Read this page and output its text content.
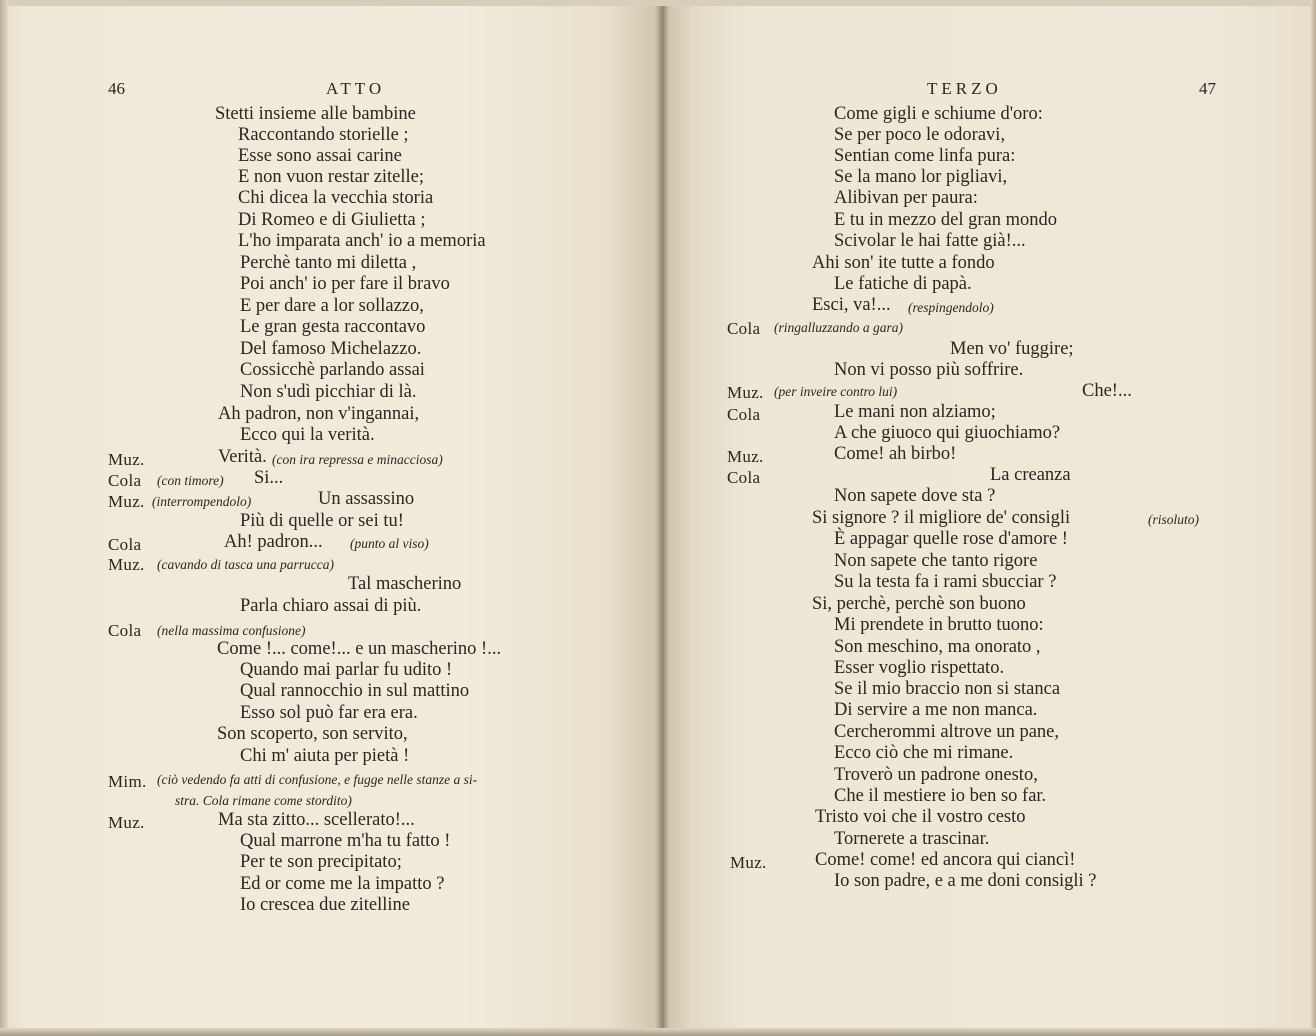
46	ATTO
Stetti insieme alle bambine
Raccontando storielle ;
Esse sono assai carine
E non vuon restar zitelle;
Chi dicea la vecchia storia
Di Romeo e di Giulietta ;
L'ho imparata anch' io a memoria
Perchè tanto mi diletta ,
Poi anch' io per fare il bravo
E per dare a lor sollazzo,
Le gran gesta raccontavo
Del famoso Michelazzo.
Cossicchè parlando assai
Non s'udì picchiar di là.
Ah padron, non v'ingannai,
Ecco qui la verità.
Muz.	Verità. (con ira repressa e minacciosa)
Cola (con timore) Si...
Muz. (interrompendolo)	Un assassino
Più di quelle or sei tu!
Cola	Ah! padron... (punto al viso)
Muz. (cavando di tasca una parrucca)
Tal mascherino
Parla chiaro assai di più.
Cola (nella massima confusione)
Come !... come!... e un mascherino !...
Quando mai parlar fu udito !
Qual rannocchio in sul mattino
Esso sol può far era era.
Son scoperto, son servito,
Chi m' aiuta per pietà !
Mim. (ciò vedendo fa atti di confusione, e fugge nelle stanze a si-
stra. Cola rimane come stordito)
Muz.	Ma sta zitto... scellerato!...
Qual marrone m'ha tu fatto !
Per te son precipitato;
Ed or come me la impatto ?
Io crescea due zitelline
TERZO	47
Come gigli e schiume d'oro:
Se per poco le odoravi,
Sentian come linfa pura:
Se la mano lor pigliavi,
Alibivan per paura:
E tu in mezzo del gran mondo
Scivolar le hai fatte già!...
Ahi son' ite tutte a fondo
Le fatiche di papà.
Esci, va!... (respingendolo)
Cola (ringalluzzando a gara)
Men vo' fuggire;
Non vi posso più soffrire.
Muz. (per inveire contro lui)	Che!...
Cola	Le mani non alziamo;
A che giuoco qui giuochiamo?
Muz.	Come! ah birbo!
Cola	La creanza
Non sapete dove sta ?
Si signore ? il migliore de' consigli	(risoluto)
È appagar quelle rose d'amore !
Non sapete che tanto rigore
Su la testa fa i rami sbucciar ?
Si, perchè, perchè son buono
Mi prendete in brutto tuono:
Son meschino, ma onorato ,
Esser voglio rispettato.
Se il mio braccio non si stanca
Di servire a me non manca.
Cercherommi altrove un pane,
Ecco ciò che mi rimane.
Troverò un padrone onesto,
Che il mestiere io ben so far.
Tristo voi che il vostro cesto
Tornerete a trascinar.
Muz.	Come! come! ed ancora qui ciancì!
Io son padre, e a me doni consigli ?
